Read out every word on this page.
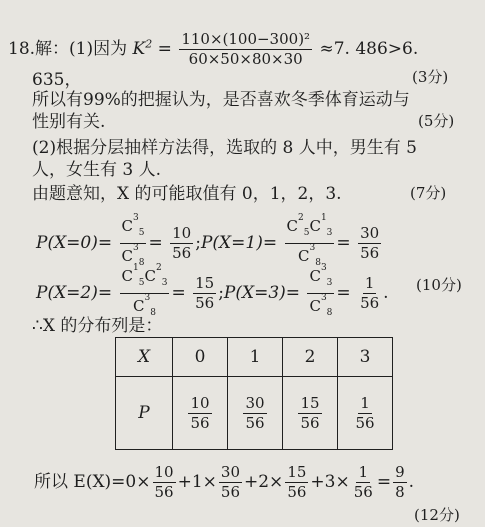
18.解：(1)因为 $K^2 = \frac{\text{110×(100−300)²}}{60\times 50\times 80\times 30} \approx 7$. 486>6.
635，	(3分)
所以有99%的把握认为，是否喜欢冬季体育运动与
性别有关.	(5分)
(2)根据分层抽样方法得，选取的 8 人中，男生有 5
人，女生有 3 人.
由题意知，X 的可能取值有 0，1，2，3.	(7分)
$P(X=0)= \frac{C^3_5}{C^3_8} = \frac{10}{56}$ ;P(X=1)= $\frac{C^2_5C^1_3}{C^3_8} = \frac{30}{56}$
$P(X=2)= \frac{C^1_5C^2_3}{C^3_8} = \frac{15}{56}$ ;P(X=3)= $\frac{C^3_3}{C^3_8} = \frac{1}{56}$ . (10分)
∴X 的分布列是：
X	0	1	2	3
P	$\frac{10}{56}$	$\frac{30}{56}$	$\frac{15}{56}$	$\frac{1}{56}$
所以 $E(X)=0\times \frac{10}{56} +1\times \frac{30}{56} +2\times \frac{15}{56} +3\times \frac{1}{56} = \frac{9}{8}$ .
(12分)
